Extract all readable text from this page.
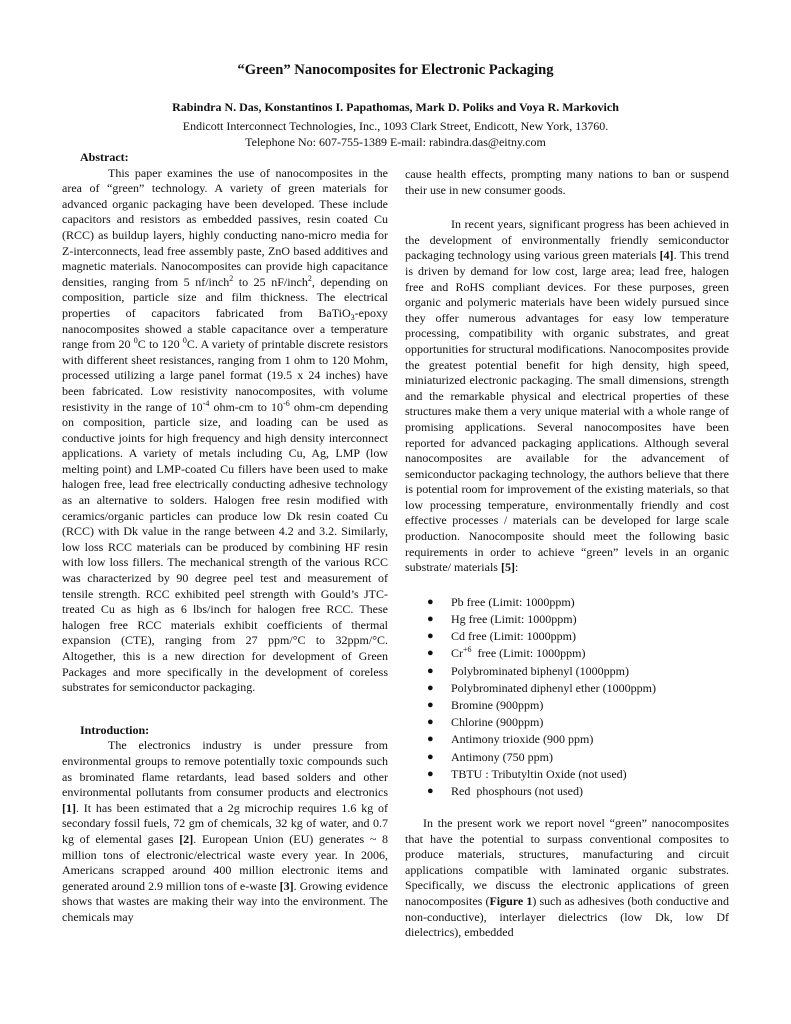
“Green” Nanocomposites for Electronic Packaging
Rabindra N. Das, Konstantinos I. Papathomas, Mark D. Poliks and Voya R. Markovich
Endicott Interconnect Technologies, Inc., 1093 Clark Street, Endicott, New York, 13760.
Telephone No: 607-755-1389 E-mail: rabindra.das@eitny.com
Abstract:

This paper examines the use of nanocomposites in the area of “green” technology. A variety of green materials for advanced organic packaging have been developed. These include capacitors and resistors as embedded passives, resin coated Cu (RCC) as buildup layers, highly conducting nano-micro media for Z-interconnects, lead free assembly paste, ZnO based additives and magnetic materials. Nanocomposites can provide high capacitance densities, ranging from 5 nf/inch$^2$ to 25 nF/inch$^2$, depending on composition, particle size and film thickness. The electrical properties of capacitors fabricated from BaTiO$_3$-epoxy nanocomposites showed a stable capacitance over a temperature range from 20 $^0$C to 120 $^0$C. A variety of printable discrete resistors with different sheet resistances, ranging from 1 ohm to 120 Mohm, processed utilizing a large panel format (19.5 x 24 inches) have been fabricated. Low resistivity nanocomposites, with volume resistivity in the range of $10^{-4}$ ohm-cm to $10^{-6}$ ohm-cm depending on composition, particle size, and loading can be used as conductive joints for high frequency and high density interconnect applications. A variety of metals including Cu, Ag, LMP (low melting point) and LMP-coated Cu fillers have been used to make halogen free, lead free electrically conducting adhesive technology as an alternative to solders. Halogen free resin modified with ceramics/organic particles can produce low Dk resin coated Cu (RCC) with Dk value in the range between 4.2 and 3.2. Similarly, low loss RCC materials can be produced by combining HF resin with low loss fillers. The mechanical strength of the various RCC was characterized by 90 degree peel test and measurement of tensile strength. RCC exhibited peel strength with Gould’s JTC-treated Cu as high as 6 lbs/inch for halogen free RCC. These halogen free RCC materials exhibit coefficients of thermal expansion (CTE), ranging from 27 ppm/°C to 32ppm/°C. Altogether, this is a new direction for development of Green Packages and more specifically in the development of coreless substrates for semiconductor packaging.

Introduction:

The electronics industry is under pressure from environmental groups to remove potentially toxic compounds such as brominated flame retardants, lead based solders and other environmental pollutants from consumer products and electronics [1]. It has been estimated that a 2g microchip requires 1.6 kg of secondary fossil fuels, 72 gm of chemicals, 32 kg of water, and 0.7 kg of elemental gases [2]. European Union (EU) generates ~ 8 million tons of electronic/electrical waste every year. In 2006, Americans scrapped around 400 million electronic items and generated around 2.9 million tons of e-waste [3]. Growing evidence shows that wastes are making their way into the environment. The chemicals may

cause health effects, prompting many nations to ban or suspend their use in new consumer goods.

In recent years, significant progress has been achieved in the development of environmentally friendly semiconductor packaging technology using various green materials [4]. This trend is driven by demand for low cost, large area; lead free, halogen free and RoHS compliant devices. For these purposes, green organic and polymeric materials have been widely pursued since they offer numerous advantages for easy low temperature processing, compatibility with organic substrates, and great opportunities for structural modifications. Nanocomposites provide the greatest potential benefit for high density, high speed, miniaturized electronic packaging. The small dimensions, strength and the remarkable physical and electrical properties of these structures make them a very unique material with a whole range of promising applications. Several nanocomposites have been reported for advanced packaging applications. Although several nanocomposites are available for the advancement of semiconductor packaging technology, the authors believe that there is potential room for improvement of the existing materials, so that low processing temperature, environmentally friendly and cost effective processes / materials can be developed for large scale production. Nanocomposite should meet the following basic requirements in order to achieve “green” levels in an organic substrate/ materials [5]:

● Pb free (Limit: 1000ppm)
● Hg free (Limit: 1000ppm)
● Cd free (Limit: 1000ppm)
● $Cr^{+6}$  free (Limit: 1000ppm)
● Polybrominated biphenyl (1000ppm)
● Polybrominated diphenyl ether (1000ppm)
● Bromine (900ppm)
● Chlorine (900ppm)
● Antimony trioxide (900 ppm)
● Antimony (750 ppm)
● TBTU : Tributyltin Oxide (not used)
● Red  phosphours (not used)

In the present work we report novel “green” nanocomposites that have the potential to surpass conventional composites to produce materials, structures, manufacturing and circuit applications compatible with laminated organic substrates. Specifically, we discuss the electronic applications of green nanocomposites (Figure 1) such as adhesives (both conductive and non-conductive), interlayer dielectrics (low Dk, low Df dielectrics), embedded
